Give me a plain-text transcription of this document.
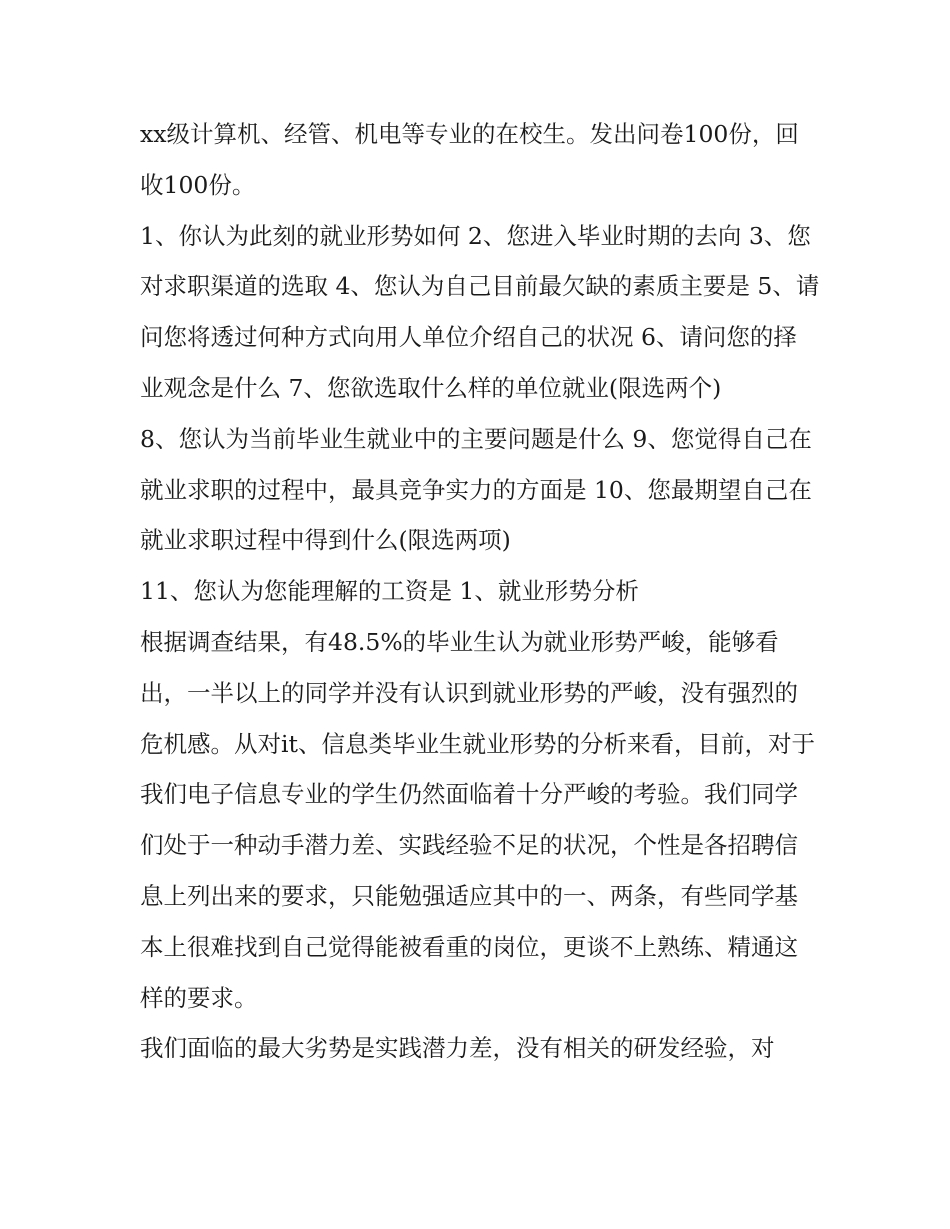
xx级计算机、经管、机电等专业的在校生。发出问卷100份，回收100份。

1、你认为此刻的就业形势如何 2、您进入毕业时期的去向 3、您对求职渠道的选取 4、您认为自己目前最欠缺的素质主要是 5、请问您将透过何种方式向用人单位介绍自己的状况 6、请问您的择业观念是什么 7、您欲选取什么样的单位就业(限选两个)

8、您认为当前毕业生就业中的主要问题是什么 9、您觉得自己在就业求职的过程中，最具竞争实力的方面是 10、您最期望自己在就业求职过程中得到什么(限选两项)

11、您认为您能理解的工资是 1、就业形势分析

根据调查结果，有48.5%的毕业生认为就业形势严峻，能够看出，一半以上的同学并没有认识到就业形势的严峻，没有强烈的危机感。从对it、信息类毕业生就业形势的分析来看，目前，对于我们电子信息专业的学生仍然面临着十分严峻的考验。我们同学们处于一种动手潜力差、实践经验不足的状况，个性是各招聘信息上列出来的要求，只能勉强适应其中的一、两条，有些同学基本上很难找到自己觉得能被看重的岗位，更谈不上熟练、精通这样的要求。

我们面临的最大劣势是实践潜力差，没有相关的研发经验，对
